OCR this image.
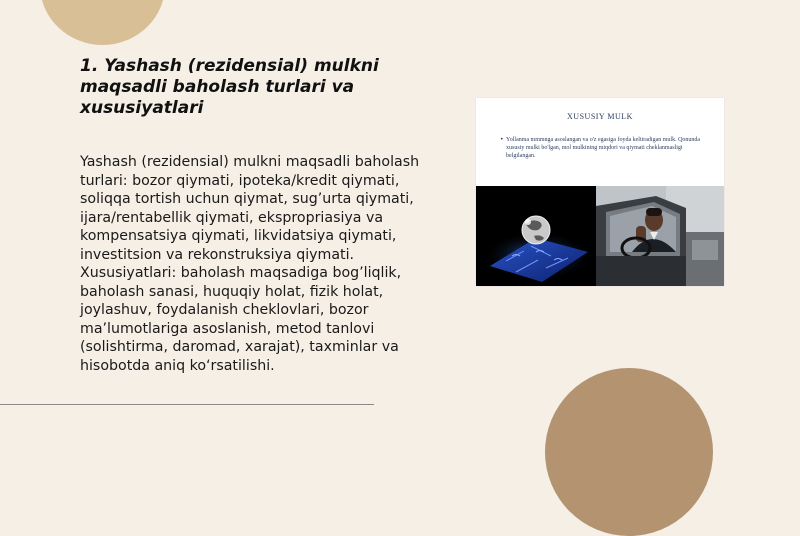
1. Yashash (rezidensial) mulkni maqsadli baholash turlari va xususiyatlari

Yashash (rezidensial) mulkni maqsadli baholash turlari: bozor qiymati, ipoteka/kredit qiymati, soliqqa tortish uchun qiymat, sug’urta qiymati, ijara/rentabellik qiymati, ekspropriasiya va kompensatsiya qiymati, likvidatsiya qiymati, investitsion va rekonstruksiya qiymati. Xususiyatlari: baholash maqsadiga bog’liqlik, baholash sanasi, huquqiy holat, fizik holat, joylashuv, foydalanish cheklovlari, bozor ma’lumotlariga asoslanish, metod tanlovi (solishtirma, daromad, xarajat), taxminlar va hisobotda aniq ko‘rsatilishi.

XUSUSIY MULK
• Yollanma mmmnga asoslangan va o'z egasiga foyda keltiradigan mulk. Qonunda xususiy mulki bo'lgan, mol mulkining miqdori va qiymati cheklanmasligi belgilangan.
